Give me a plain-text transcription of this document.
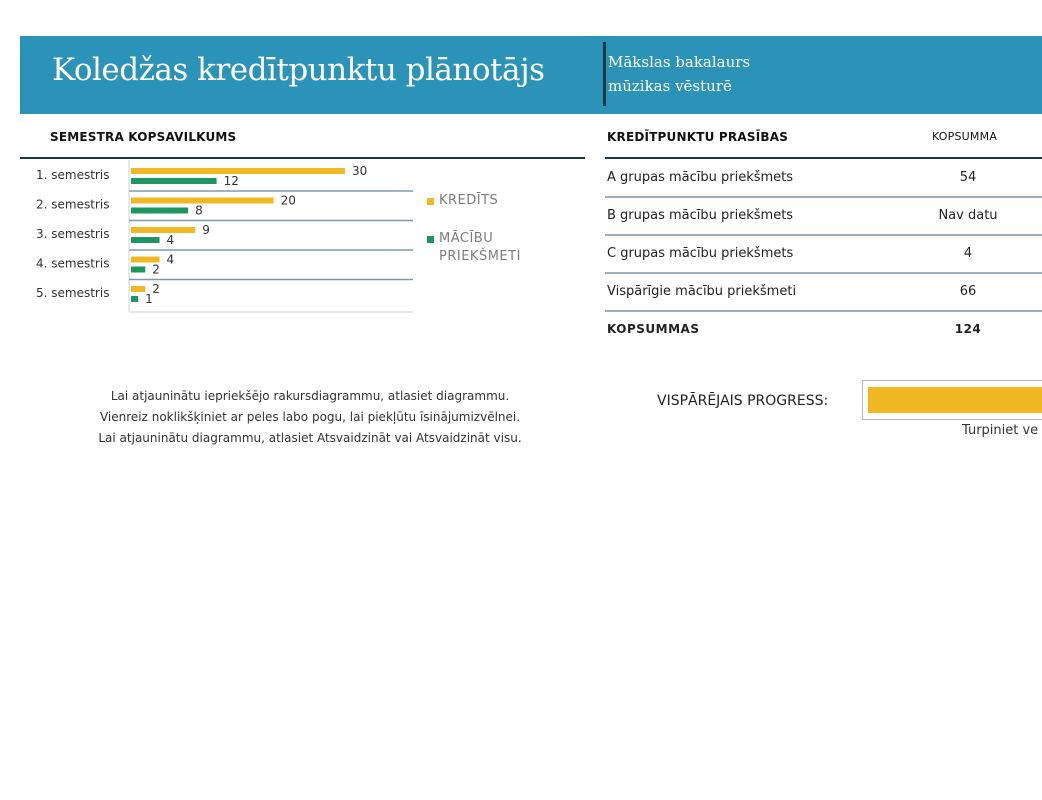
Koledžas kredītpunktu plānotājs	Mākslas bakalaurs
mūzikas vēsturē
SEMESTRA KOPSAVILKUMS
1. semestris	30
12
2. semestris	20
8
3. semestris	9
4
4. semestris	4
2
5. semestris	2
1
KREDĪTS
MĀCĪBU
PRIEKŠMETI
KREDĪTPUNKTU PRASĪBAS	KOPSUMMA
A grupas mācību priekšmets	54
B grupas mācību priekšmets	Nav datu
C grupas mācību priekšmets	4
Vispārīgie mācību priekšmeti	66
KOPSUMMAS	124
Lai atjauninātu iepriekšējo rakursdiagrammu, atlasiet diagrammu.
Vienreiz noklikšķiniet ar peles labo pogu, lai piekļūtu īsinājumizvēlnei.
Lai atjauninātu diagrammu, atlasiet Atsvaidzināt vai Atsvaidzināt visu.
VISPĀRĒJAIS PROGRESS:
Turpiniet ve
